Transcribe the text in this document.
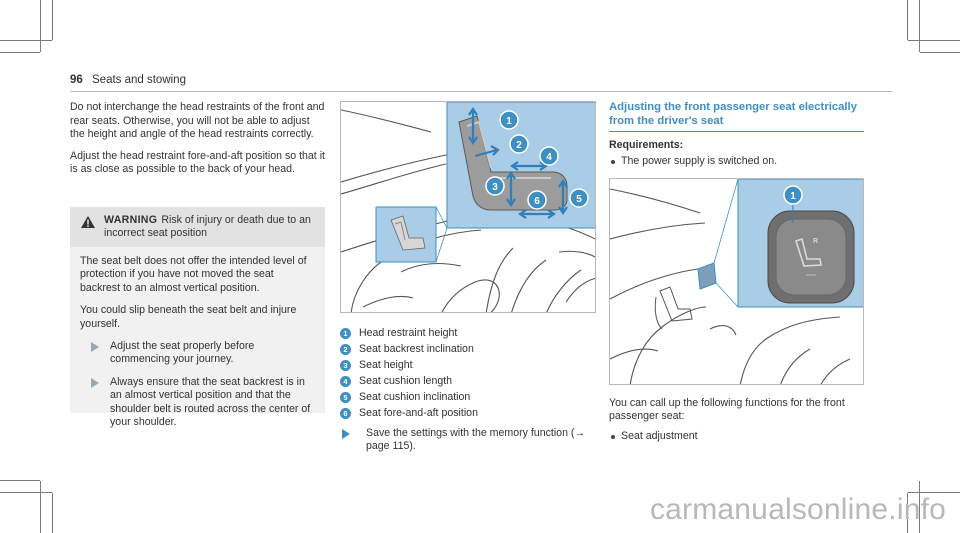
96 Seats and stowing

Do not interchange the head restraints of the front and rear seats. Otherwise, you will not be able to adjust the height and angle of the head restraints correctly.

Adjust the head restraint fore-and-aft position so that it is as close as possible to the back of your head.

WARNING Risk of injury or death due to an incorrect seat position

The seat belt does not offer the intended level of protection if you have not moved the seat backrest to an almost vertical position.

You could slip beneath the seat belt and injure yourself.

Adjust the seat properly before commencing your journey.
Always ensure that the seat backrest is in an almost vertical position and that the shoulder belt is routed across the center of your shoulder.
1
2
4
3
5
6
1	Head restraint height
2	Seat backrest inclination
3	Seat height
4	Seat cushion length
5	Seat cushion inclination
6	Seat fore-and-aft position
Save the settings with the memory function (→ page 115).
Adjusting the front passenger seat electrically from the driver's seat
Requirements:
The power supply is switched on.
R
1
You can call up the following functions for the front passenger seat:
Seat adjustment
carmanualsonline.info
